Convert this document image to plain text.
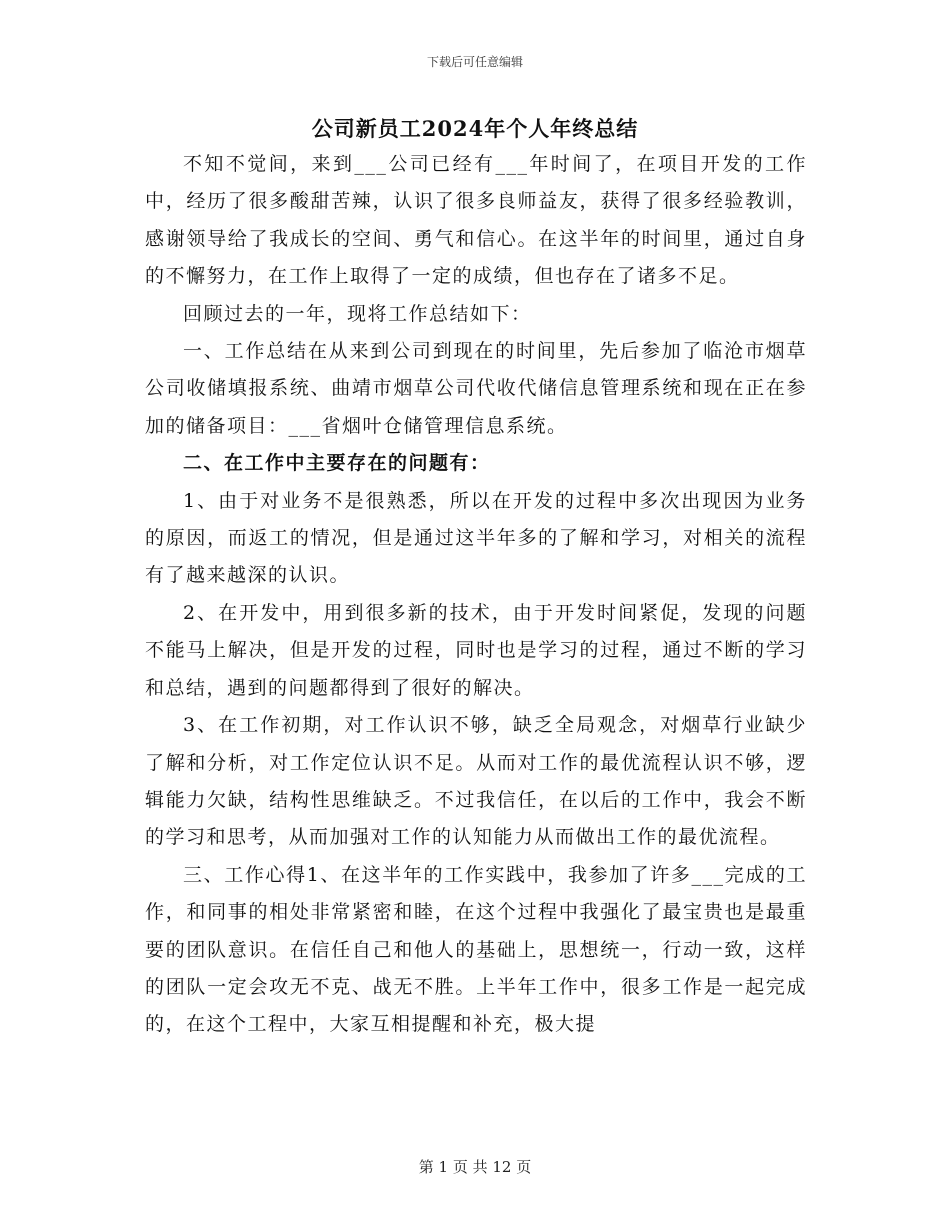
下载后可任意编辑
公司新员工2024年个人年终总结

不知不觉间，来到___公司已经有___年时间了，在项目开发的工作中，经历了很多酸甜苦辣，认识了很多良师益友，获得了很多经验教训，感谢领导给了我成长的空间、勇气和信心。在这半年的时间里，通过自身的不懈努力，在工作上取得了一定的成绩，但也存在了诸多不足。

回顾过去的一年，现将工作总结如下：

一、工作总结在从来到公司到现在的时间里，先后参加了临沧市烟草公司收储填报系统、曲靖市烟草公司代收代储信息管理系统和现在正在参加的储备项目：___省烟叶仓储管理信息系统。

二、在工作中主要存在的问题有：

1、由于对业务不是很熟悉，所以在开发的过程中多次出现因为业务的原因，而返工的情况，但是通过这半年多的了解和学习，对相关的流程有了越来越深的认识。

2、在开发中，用到很多新的技术，由于开发时间紧促，发现的问题不能马上解决，但是开发的过程，同时也是学习的过程，通过不断的学习和总结，遇到的问题都得到了很好的解决。

3、在工作初期，对工作认识不够，缺乏全局观念，对烟草行业缺少了解和分析，对工作定位认识不足。从而对工作的最优流程认识不够，逻辑能力欠缺，结构性思维缺乏。不过我信任，在以后的工作中，我会不断的学习和思考，从而加强对工作的认知能力从而做出工作的最优流程。

三、工作心得1、在这半年的工作实践中，我参加了许多___完成的工作，和同事的相处非常紧密和睦，在这个过程中我强化了最宝贵也是最重要的团队意识。在信任自己和他人的基础上，思想统一，行动一致，这样的团队一定会攻无不克、战无不胜。上半年工作中，很多工作是一起完成的，在这个工程中，大家互相提醒和补充，极大提

第 1 页 共 12 页
